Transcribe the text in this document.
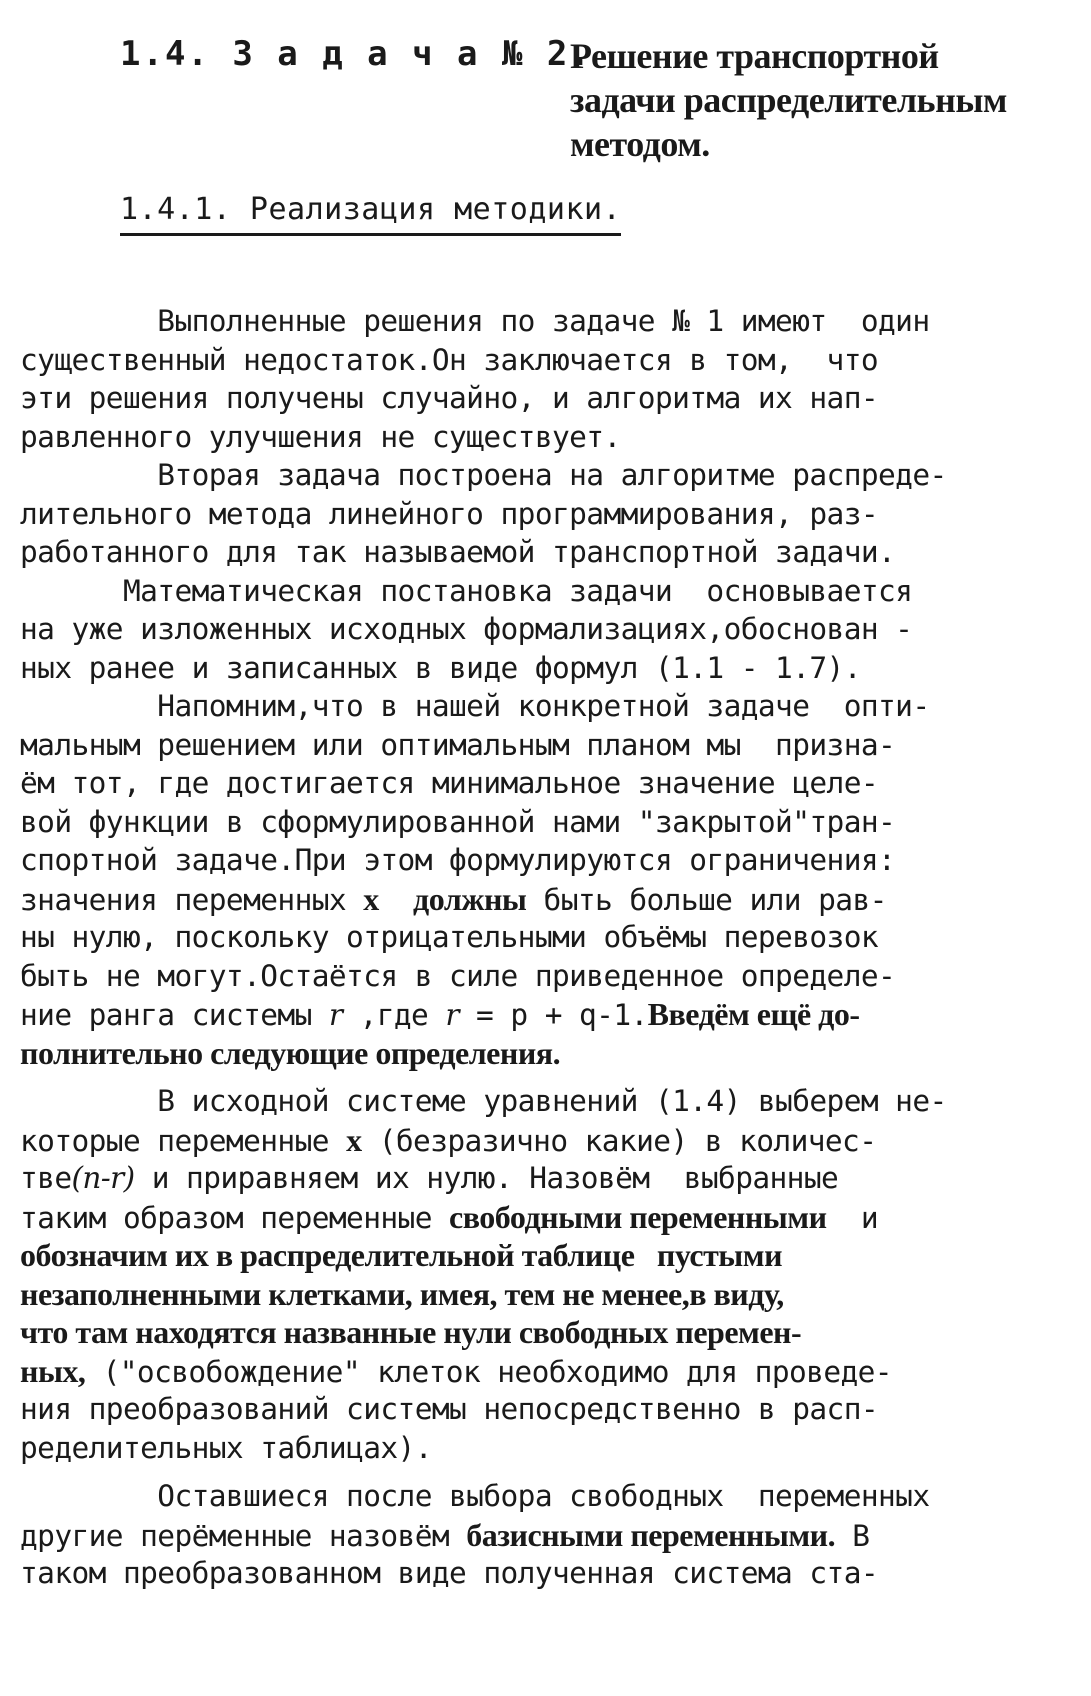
1.4. З а д а ч а № 2.
Решение транспортной
задачи распределительным
методом.
1.4.1. Реализация методики.
Выполненные решения по задаче № 1 имеют  один
существенный недостаток.Он заключается в том,  что
эти решения получены случайно, и алгоритма их нап-
равленного улучшения не существует.
Вторая задача построена на алгоритме распреде-
лительного метода линейного программирования, раз-
работанного для так называемой транспортной задачи.
Математическая постановка задачи  основывается
на уже изложенных исходных формализациях,обоснован -
ных ранее и записанных в виде формул (1.1 - 1.7).
Напомним,что в нашей конкретной задаче  опти-
мальным решением или оптимальным планом мы  призна-
ём тот, где достигается минимальное значение целе-
вой функции в сформулированной нами "закрытой"тран-
спортной задаче.При этом формулируются ограничения:
значения переменных x должны быть больше или рав-
ны нулю, поскольку отрицательными объёмы перевозок
быть не могут.Остаётся в силе приведенное определе-
ние ранга системы r ,где r = p + q-1.Введём ещё до-
полнительно следующие определения.
В исходной системе уравнений (1.4) выберем не-
которые переменные x (безразично какие) в количес-
тве(n-r) и приравняем их нулю. Назовём  выбранные
таким образом переменные свободными переменными  и
обозначим их в распределительной таблице   пустыми
незаполненными клетками, имея, тем не менее,в виду,
что там находятся названные нули свободных перемен-
ных, ("освобождение" клеток необходимо для проведе-
ния преобразований системы непосредственно в расп-
ределительных таблицах).
Оставшиеся после выбора свободных  переменных
другие перёменные назовём базисными переменными. В
таком преобразованном виде полученная система ста-
